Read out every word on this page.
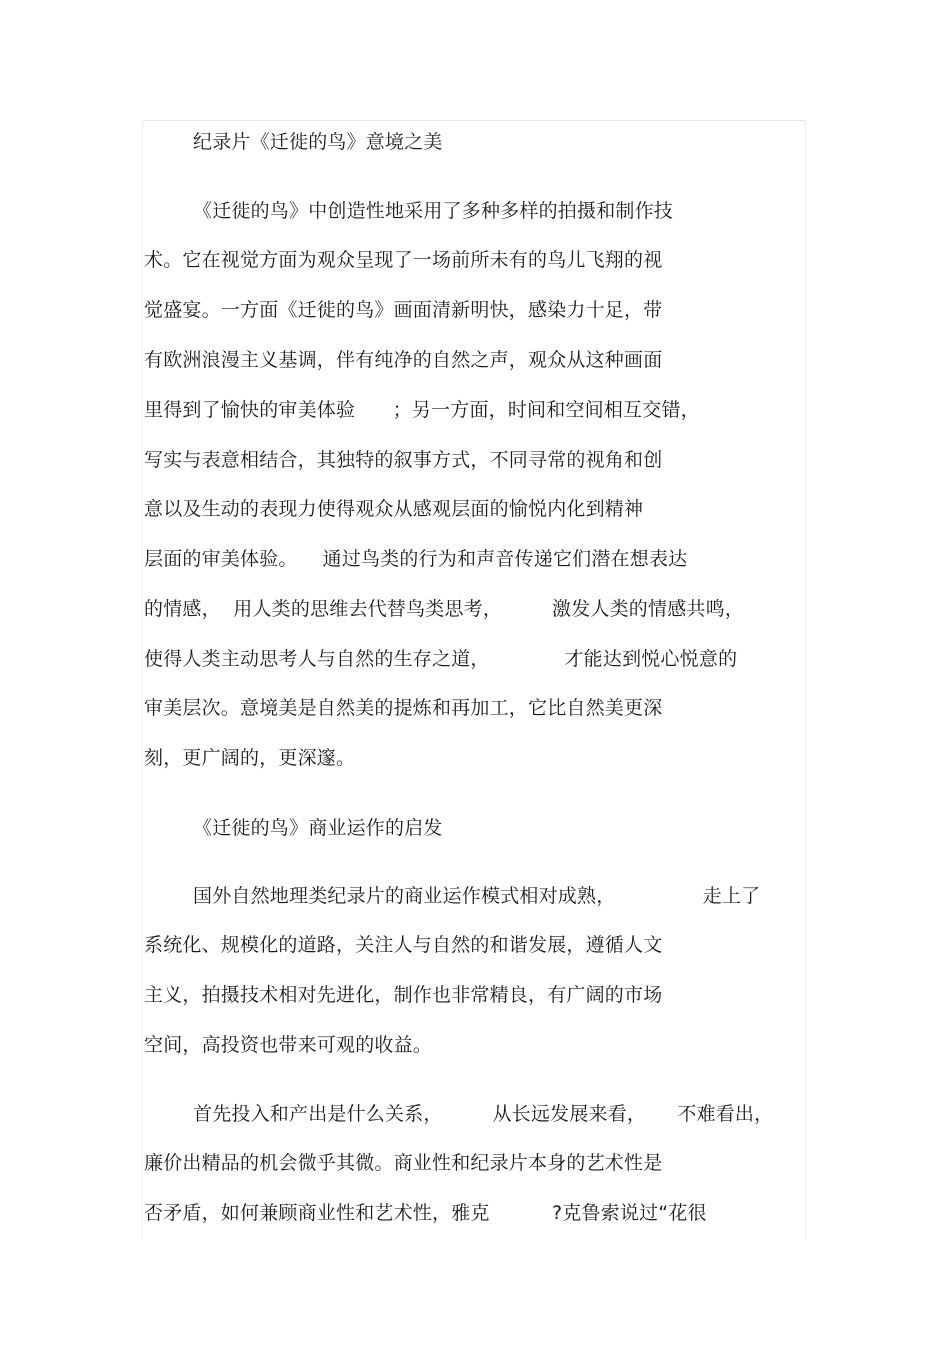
纪录片《迁徙的鸟》意境之美
《迁徙的鸟》中创造性地采用了多种多样的拍摄和制作技
术。它在视觉方面为观众呈现了一场前所未有的鸟儿飞翔的视
觉盛宴。一方面《迁徙的鸟》画面清新明快，感染力十足，带
有欧洲浪漫主义基调，伴有纯净的自然之声，观众从这种画面
里得到了愉快的审美体验      ；另一方面，时间和空间相互交错，
写实与表意相结合，其独特的叙事方式，不同寻常的视角和创
意以及生动的表现力使得观众从感观层面的愉悦内化到精神
层面的审美体验。    通过鸟类的行为和声音传递它们潜在想表达
的情感，  用人类的思维去代替鸟类思考，        激发人类的情感共鸣，
使得人类主动思考人与自然的生存之道，            才能达到悦心悦意的
审美层次。意境美是自然美的提炼和再加工，它比自然美更深
刻，更广阔的，更深邃。
《迁徙的鸟》商业运作的启发
国外自然地理类纪录片的商业运作模式相对成熟，              走上了
系统化、规模化的道路，关注人与自然的和谐发展，遵循人文
主义，拍摄技术相对先进化，制作也非常精良，有广阔的市场
空间，高投资也带来可观的收益。
首先投入和产出是什么关系，        从长远发展来看，     不难看出，
廉价出精品的机会微乎其微。商业性和纪录片本身的艺术性是
否矛盾，如何兼顾商业性和艺术性，雅克          ?克鲁索说过“花很
